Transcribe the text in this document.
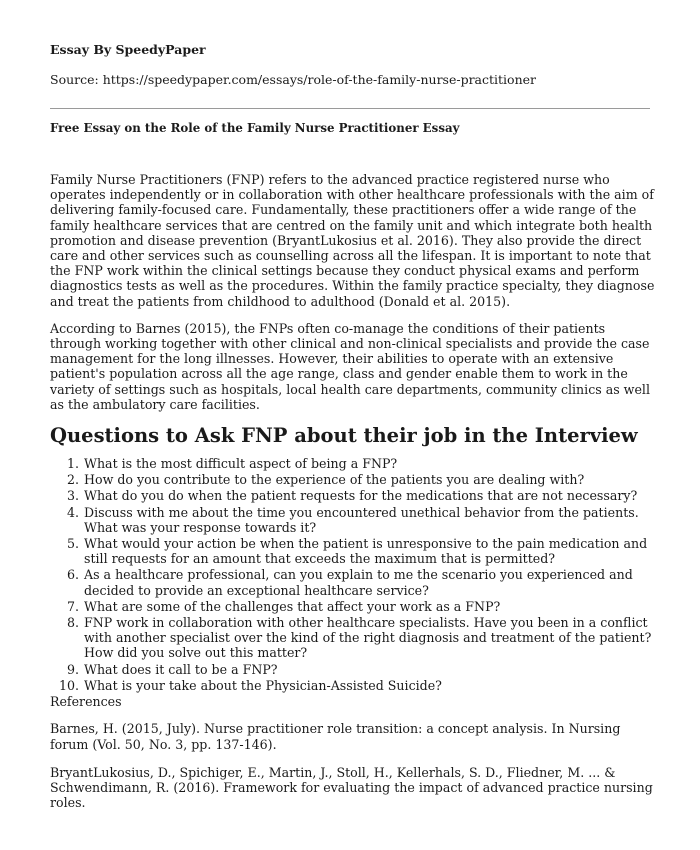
Essay By SpeedyPaper
Source: https://speedypaper.com/essays/role-of-the-family-nurse-practitioner
Free Essay on the Role of the Family Nurse Practitioner Essay

Family Nurse Practitioners (FNP) refers to the advanced practice registered nurse who operates independently or in collaboration with other healthcare professionals with the aim of delivering family-focused care. Fundamentally, these practitioners offer a wide range of the family healthcare services that are centred on the family unit and which integrate both health promotion and disease prevention (BryantLukosius et al. 2016). They also provide the direct care and other services such as counselling across all the lifespan. It is important to note that the FNP work within the clinical settings because they conduct physical exams and perform diagnostics tests as well as the procedures. Within the family practice specialty, they diagnose and treat the patients from childhood to adulthood (Donald et al. 2015).

According to Barnes (2015), the FNPs often co-manage the conditions of their patients through working together with other clinical and non-clinical specialists and provide the case management for the long illnesses. However, their abilities to operate with an extensive patient's population across all the age range, class and gender enable them to work in the variety of settings such as hospitals, local health care departments, community clinics as well as the ambulatory care facilities.

Questions to Ask FNP about their job in the Interview
1. What is the most difficult aspect of being a FNP?
2. How do you contribute to the experience of the patients you are dealing with?
3. What do you do when the patient requests for the medications that are not necessary?
4. Discuss with me about the time you encountered unethical behavior from the patients. What was your response towards it?
5. What would your action be when the patient is unresponsive to the pain medication and still requests for an amount that exceeds the maximum that is permitted?
6. As a healthcare professional, can you explain to me the scenario you experienced and decided to provide an exceptional healthcare service?
7. What are some of the challenges that affect your work as a FNP?
8. FNP work in collaboration with other healthcare specialists. Have you been in a conflict with another specialist over the kind of the right diagnosis and treatment of the patient? How did you solve out this matter?
9. What does it call to be a FNP?
10. What is your take about the Physician-Assisted Suicide?

References

Barnes, H. (2015, July). Nurse practitioner role transition: a concept analysis. In Nursing forum (Vol. 50, No. 3, pp. 137-146).

BryantLukosius, D., Spichiger, E., Martin, J., Stoll, H., Kellerhals, S. D., Fliedner, M. ... & Schwendimann, R. (2016). Framework for evaluating the impact of advanced practice nursing roles.
